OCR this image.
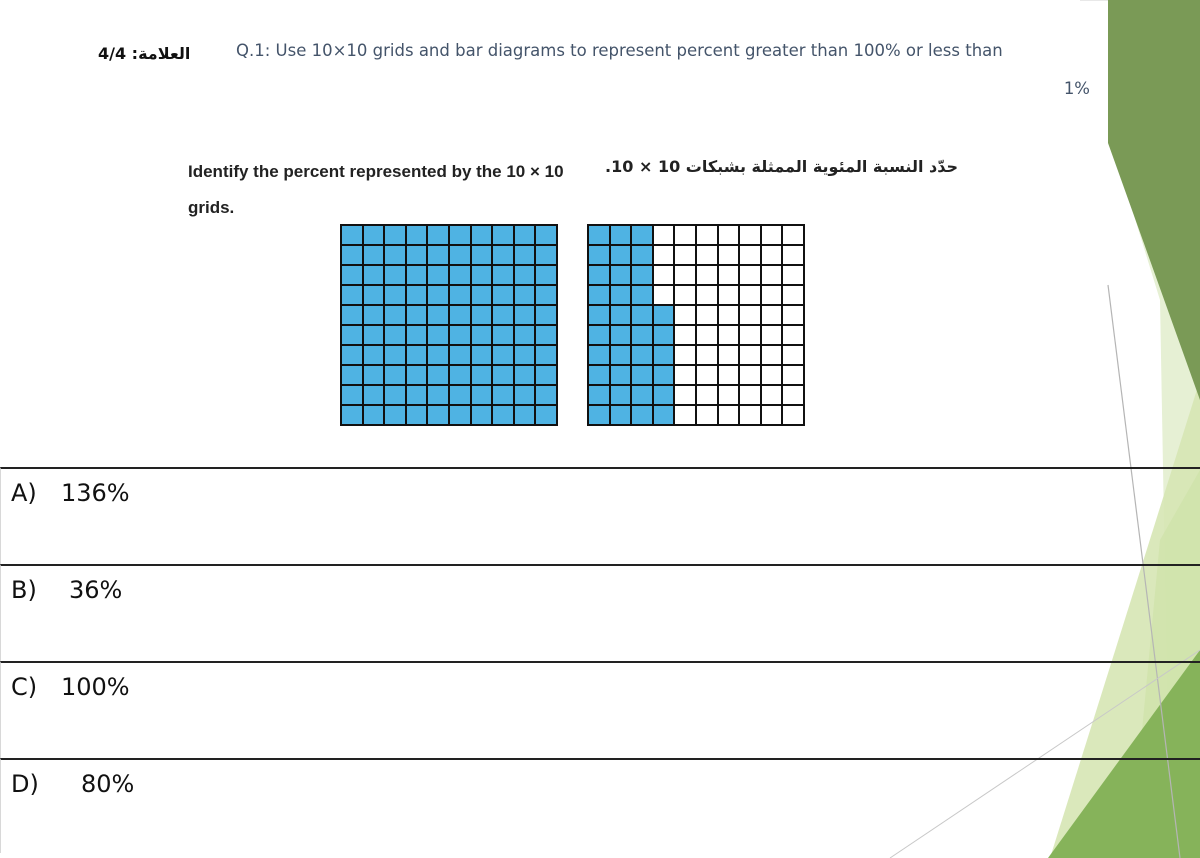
العلامة: 4/4	Q.1: Use 10×10 grids and bar diagrams to represent percent greater than 100% or less than
1%
Identify the percent represented by the 10 × 10 grids.
حدّد النسبة المئوية الممثلة بشبكات 10 × 10.
A) 136%
B) 36%
C) 100%
D) 80%
